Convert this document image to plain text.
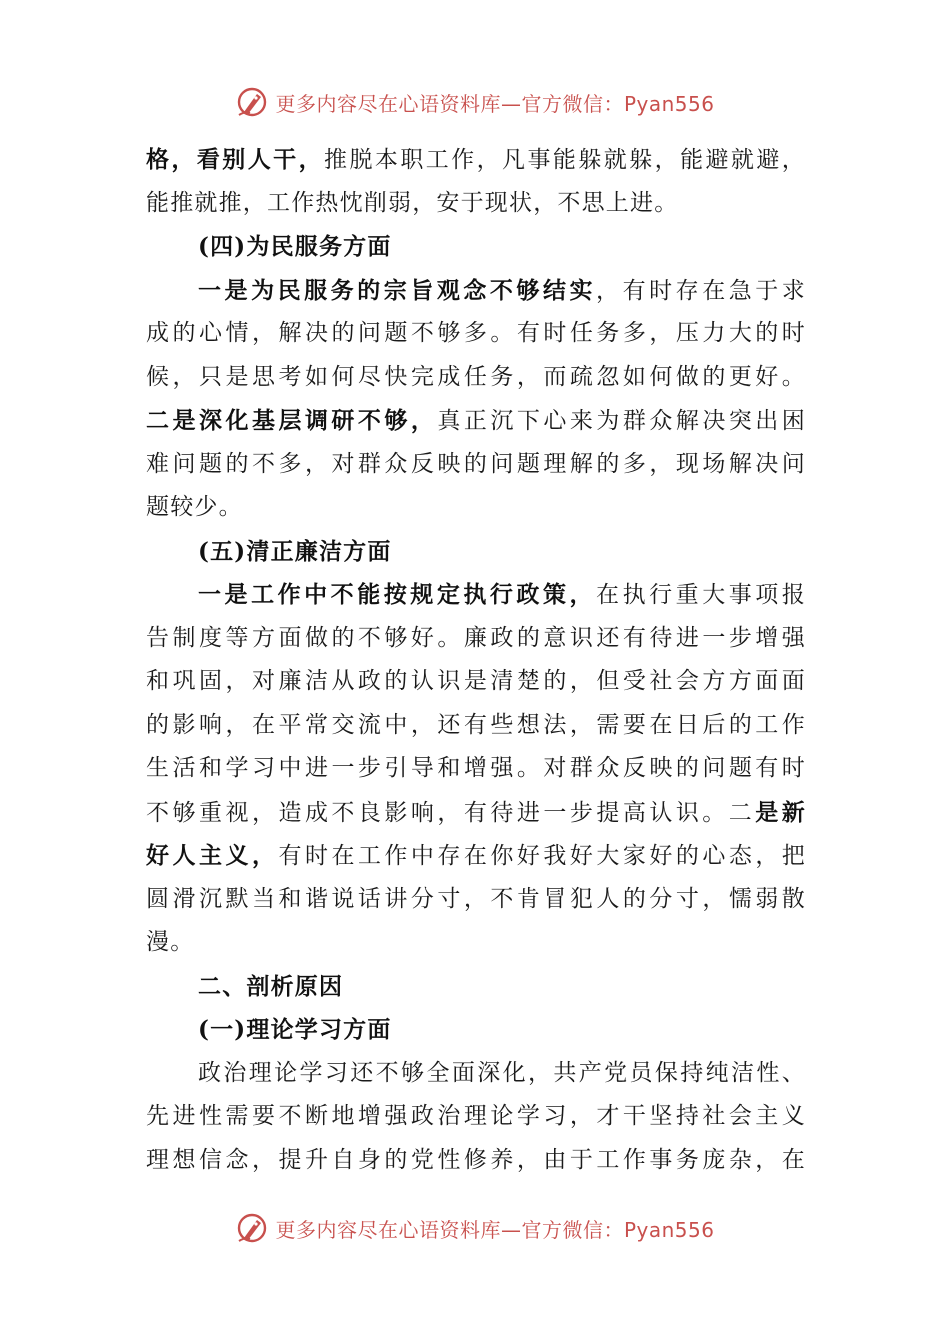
更多内容尽在心语资料库—官方微信：Pyan556
格，看别人干，推脱本职工作，凡事能躲就躲，能避就避，
能推就推，工作热忱削弱，安于现状，不思上进。
(四)为民服务方面
一是为民服务的宗旨观念不够结实，有时存在急于求
成的心情，解决的问题不够多。有时任务多，压力大的时
候，只是思考如何尽快完成任务，而疏忽如何做的更好。
二是深化基层调研不够，真正沉下心来为群众解决突出困
难问题的不多，对群众反映的问题理解的多，现场解决问
题较少。
(五)清正廉洁方面
一是工作中不能按规定执行政策，在执行重大事项报
告制度等方面做的不够好。廉政的意识还有待进一步增强
和巩固，对廉洁从政的认识是清楚的，但受社会方方面面
的影响，在平常交流中，还有些想法，需要在日后的工作
生活和学习中进一步引导和增强。对群众反映的问题有时
不够重视，造成不良影响，有待进一步提高认识。二是新
好人主义，有时在工作中存在你好我好大家好的心态，把
圆滑沉默当和谐说话讲分寸，不肯冒犯人的分寸，懦弱散
漫。
二、剖析原因
(一)理论学习方面
政治理论学习还不够全面深化，共产党员保持纯洁性、
先进性需要不断地增强政治理论学习，才干坚持社会主义
理想信念，提升自身的党性修养，由于工作事务庞杂，在
更多内容尽在心语资料库—官方微信：Pyan556
